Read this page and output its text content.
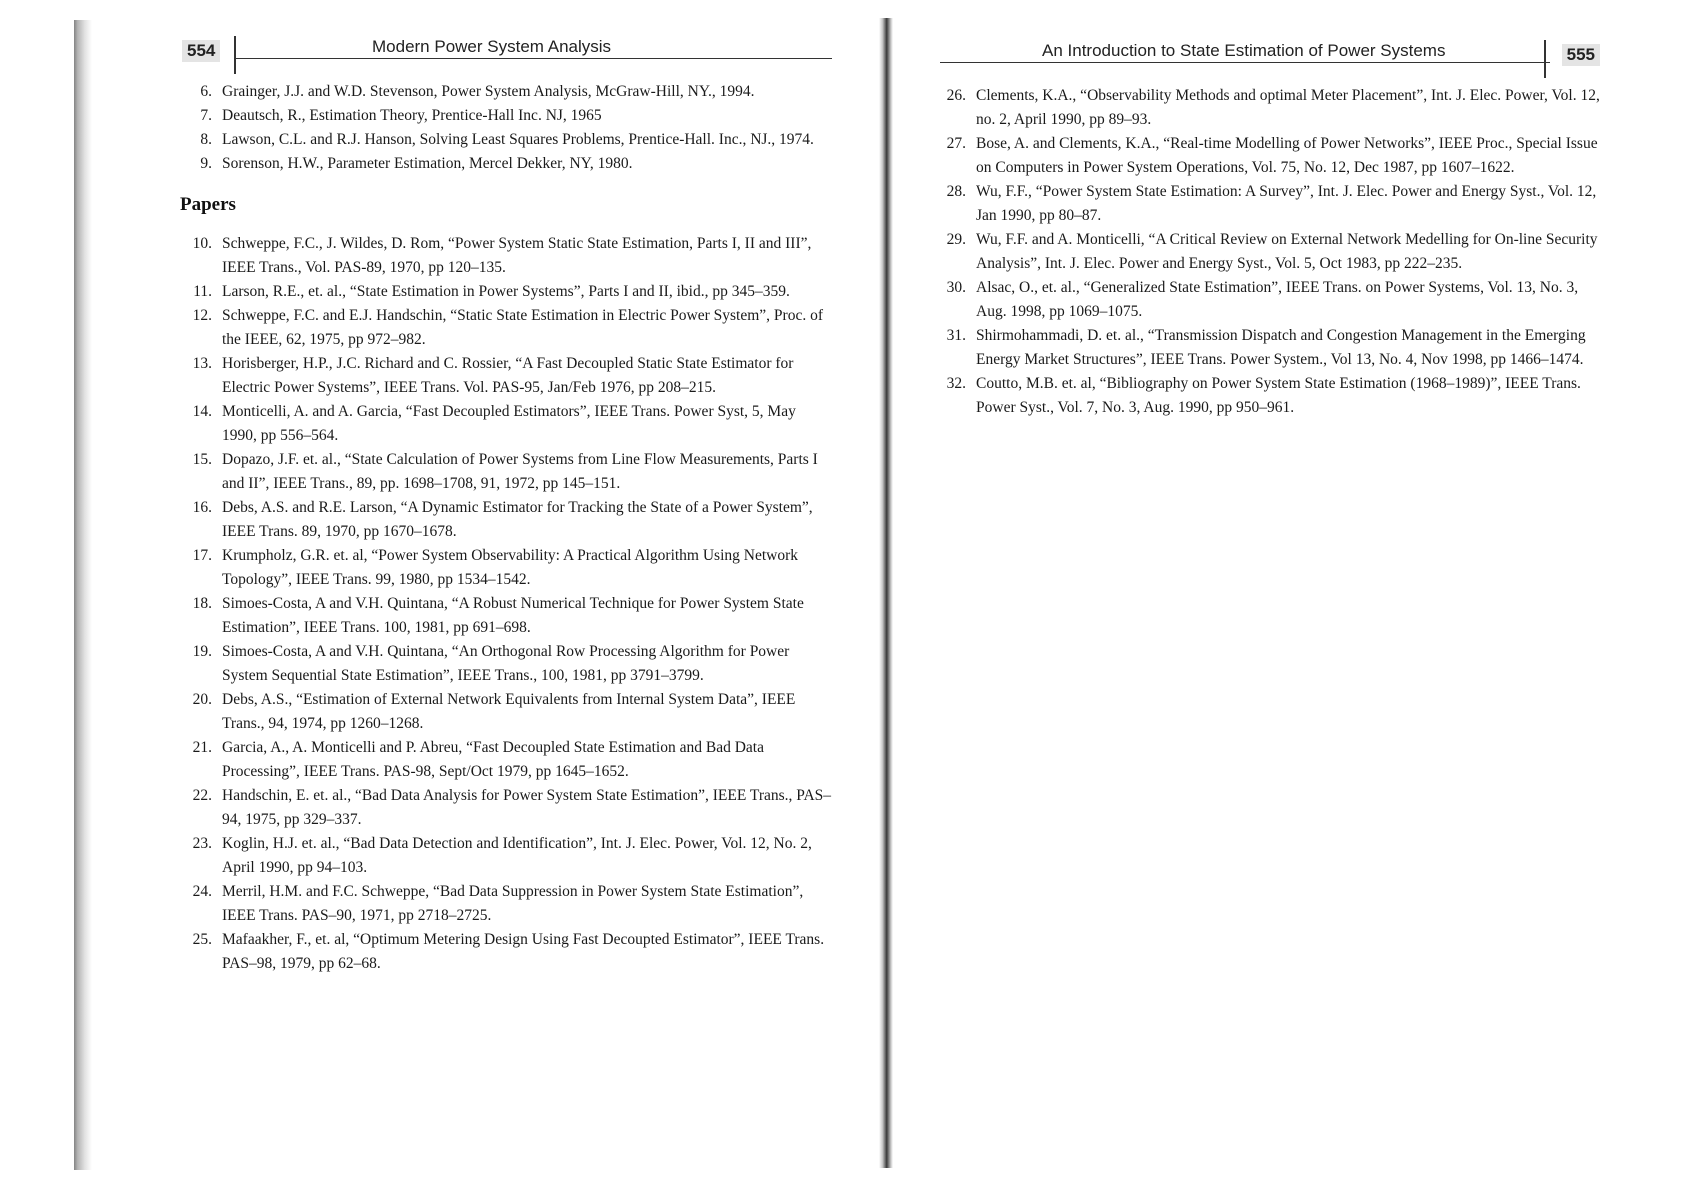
554	Modern Power System Analysis
6. Grainger, J.J. and W.D. Stevenson, Power System Analysis, McGraw-Hill, NY., 1994.
7. Deautsch, R., Estimation Theory, Prentice-Hall Inc. NJ, 1965
8. Lawson, C.L. and R.J. Hanson, Solving Least Squares Problems, Prentice-Hall. Inc., NJ., 1974.
9. Sorenson, H.W., Parameter Estimation, Mercel Dekker, NY, 1980.
Papers
10. Schweppe, F.C., J. Wildes, D. Rom, “Power System Static State Estimation, Parts I, II and III”, IEEE Trans., Vol. PAS-89, 1970, pp 120–135.
11. Larson, R.E., et. al., “State Estimation in Power Systems”, Parts I and II, ibid., pp 345–359.
12. Schweppe, F.C. and E.J. Handschin, “Static State Estimation in Electric Power System”, Proc. of the IEEE, 62, 1975, pp 972–982.
13. Horisberger, H.P., J.C. Richard and C. Rossier, “A Fast Decoupled Static State Estimator for Electric Power Systems”, IEEE Trans. Vol. PAS-95, Jan/Feb 1976, pp 208–215.
14. Monticelli, A. and A. Garcia, “Fast Decoupled Estimators”, IEEE Trans. Power Syst, 5, May 1990, pp 556–564.
15. Dopazo, J.F. et. al., “State Calculation of Power Systems from Line Flow Measurements, Parts I and II”, IEEE Trans., 89, pp. 1698–1708, 91, 1972, pp 145–151.
16. Debs, A.S. and R.E. Larson, “A Dynamic Estimator for Tracking the State of a Power System”, IEEE Trans. 89, 1970, pp 1670–1678.
17. Krumpholz, G.R. et. al, “Power System Observability: A Practical Algorithm Using Network Topology”, IEEE Trans. 99, 1980, pp 1534–1542.
18. Simoes-Costa, A and V.H. Quintana, “A Robust Numerical Technique for Power System State Estimation”, IEEE Trans. 100, 1981, pp 691–698.
19. Simoes-Costa, A and V.H. Quintana, “An Orthogonal Row Processing Algorithm for Power System Sequential State Estimation”, IEEE Trans., 100, 1981, pp 3791–3799.
20. Debs, A.S., “Estimation of External Network Equivalents from Internal System Data”, IEEE Trans., 94, 1974, pp 1260–1268.
21. Garcia, A., A. Monticelli and P. Abreu, “Fast Decoupled State Estimation and Bad Data Processing”, IEEE Trans. PAS-98, Sept/Oct 1979, pp 1645–1652.
22. Handschin, E. et. al., “Bad Data Analysis for Power System State Estimation”, IEEE Trans., PAS–94, 1975, pp 329–337.
23. Koglin, H.J. et. al., “Bad Data Detection and Identification”, Int. J. Elec. Power, Vol. 12, No. 2, April 1990, pp 94–103.
24. Merril, H.M. and F.C. Schweppe, “Bad Data Suppression in Power System State Estimation”, IEEE Trans. PAS–90, 1971, pp 2718–2725.
25. Mafaakher, F., et. al, “Optimum Metering Design Using Fast Decoupted Estimator”, IEEE Trans. PAS–98, 1979, pp 62–68.
An Introduction to State Estimation of Power Systems	555
26. Clements, K.A., “Observability Methods and optimal Meter Placement”, Int. J. Elec. Power, Vol. 12, no. 2, April 1990, pp 89–93.
27. Bose, A. and Clements, K.A., “Real-time Modelling of Power Networks”, IEEE Proc., Special Issue on Computers in Power System Operations, Vol. 75, No. 12, Dec 1987, pp 1607–1622.
28. Wu, F.F., “Power System State Estimation: A Survey”, Int. J. Elec. Power and Energy Syst., Vol. 12, Jan 1990, pp 80–87.
29. Wu, F.F. and A. Monticelli, “A Critical Review on External Network Medelling for On-line Security Analysis”, Int. J. Elec. Power and Energy Syst., Vol. 5, Oct 1983, pp 222–235.
30. Alsac, O., et. al., “Generalized State Estimation”, IEEE Trans. on Power Systems, Vol. 13, No. 3, Aug. 1998, pp 1069–1075.
31. Shirmohammadi, D. et. al., “Transmission Dispatch and Congestion Management in the Emerging Energy Market Structures”, IEEE Trans. Power System., Vol 13, No. 4, Nov 1998, pp 1466–1474.
32. Coutto, M.B. et. al, “Bibliography on Power System State Estimation (1968–1989)”, IEEE Trans. Power Syst., Vol. 7, No. 3, Aug. 1990, pp 950–961.
